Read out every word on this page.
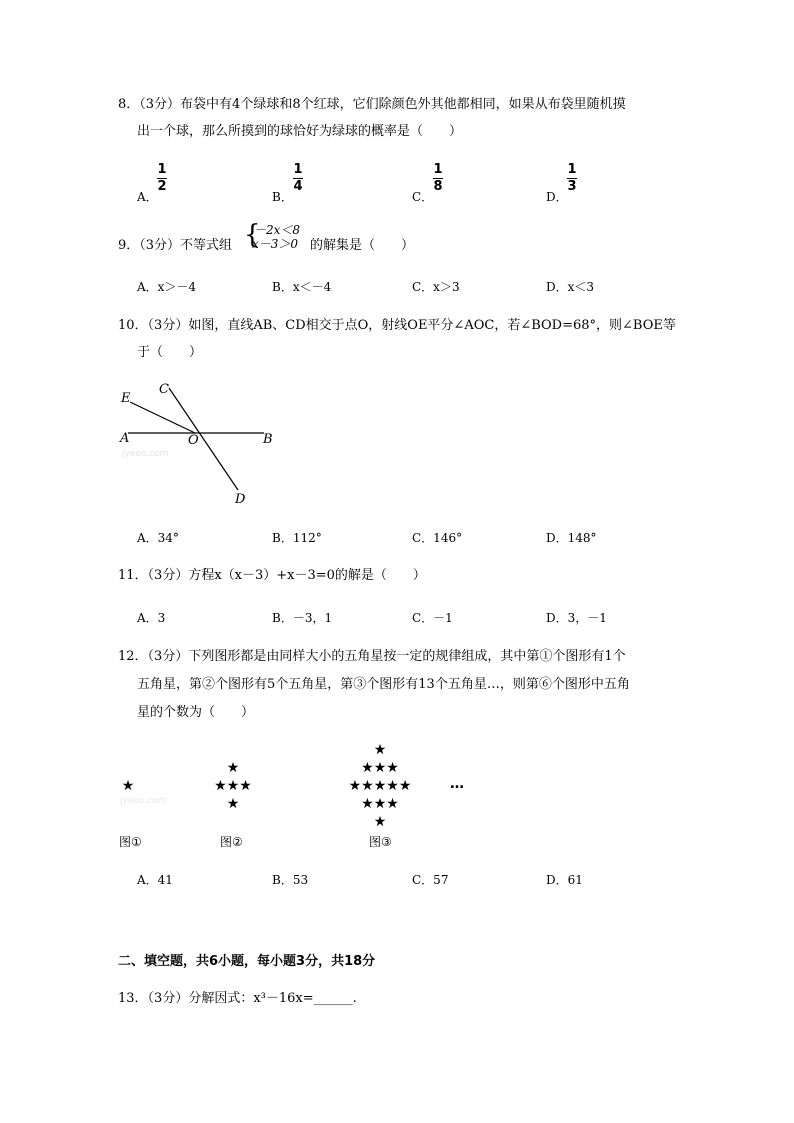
8．（3分）布袋中有4个绿球和8个红球，它们除颜色外其他都相同，如果从布袋里随机摸
出一个球，那么所摸到的球恰好为绿球的概率是（　　）
A．
1
2
B．
1
4
C．
1
8
D．
1
3
9．（3分）不等式组 {
－2x＜8
x－3＞0 的解集是（　　）
A．x＞－4	B．x＜－4	C．x＞3	D．x＜3
10．（3分）如图，直线AB、CD相交于点O，射线OE平分∠AOC，若∠BOD=68°，则∠BOE等
于（　　）
A	B
C
D
E
O
jyeoo.com
A．34°	B．112°	C．146°	D．148°
11．（3分）方程x（x－3）+x－3=0的解是（　　）
A．3	B．－3，1	C．－1	D．3，－1
12．（3分）下列图形都是由同样大小的五角星按一定的规律组成，其中第①个图形有1个
五角星，第②个图形有5个五角星，第③个图形有13个五角星…，则第⑥个图形中五角
星的个数为（　　）
★
★
★★★
★
★
★★★
★★★★★
★★★
★
…
jyeoo.com
图①	图②	图③
A．41	B．53	C．57	D．61
二、填空题，共6小题，每小题3分，共18分
13．（3分）分解因式：x³－16x=______.
